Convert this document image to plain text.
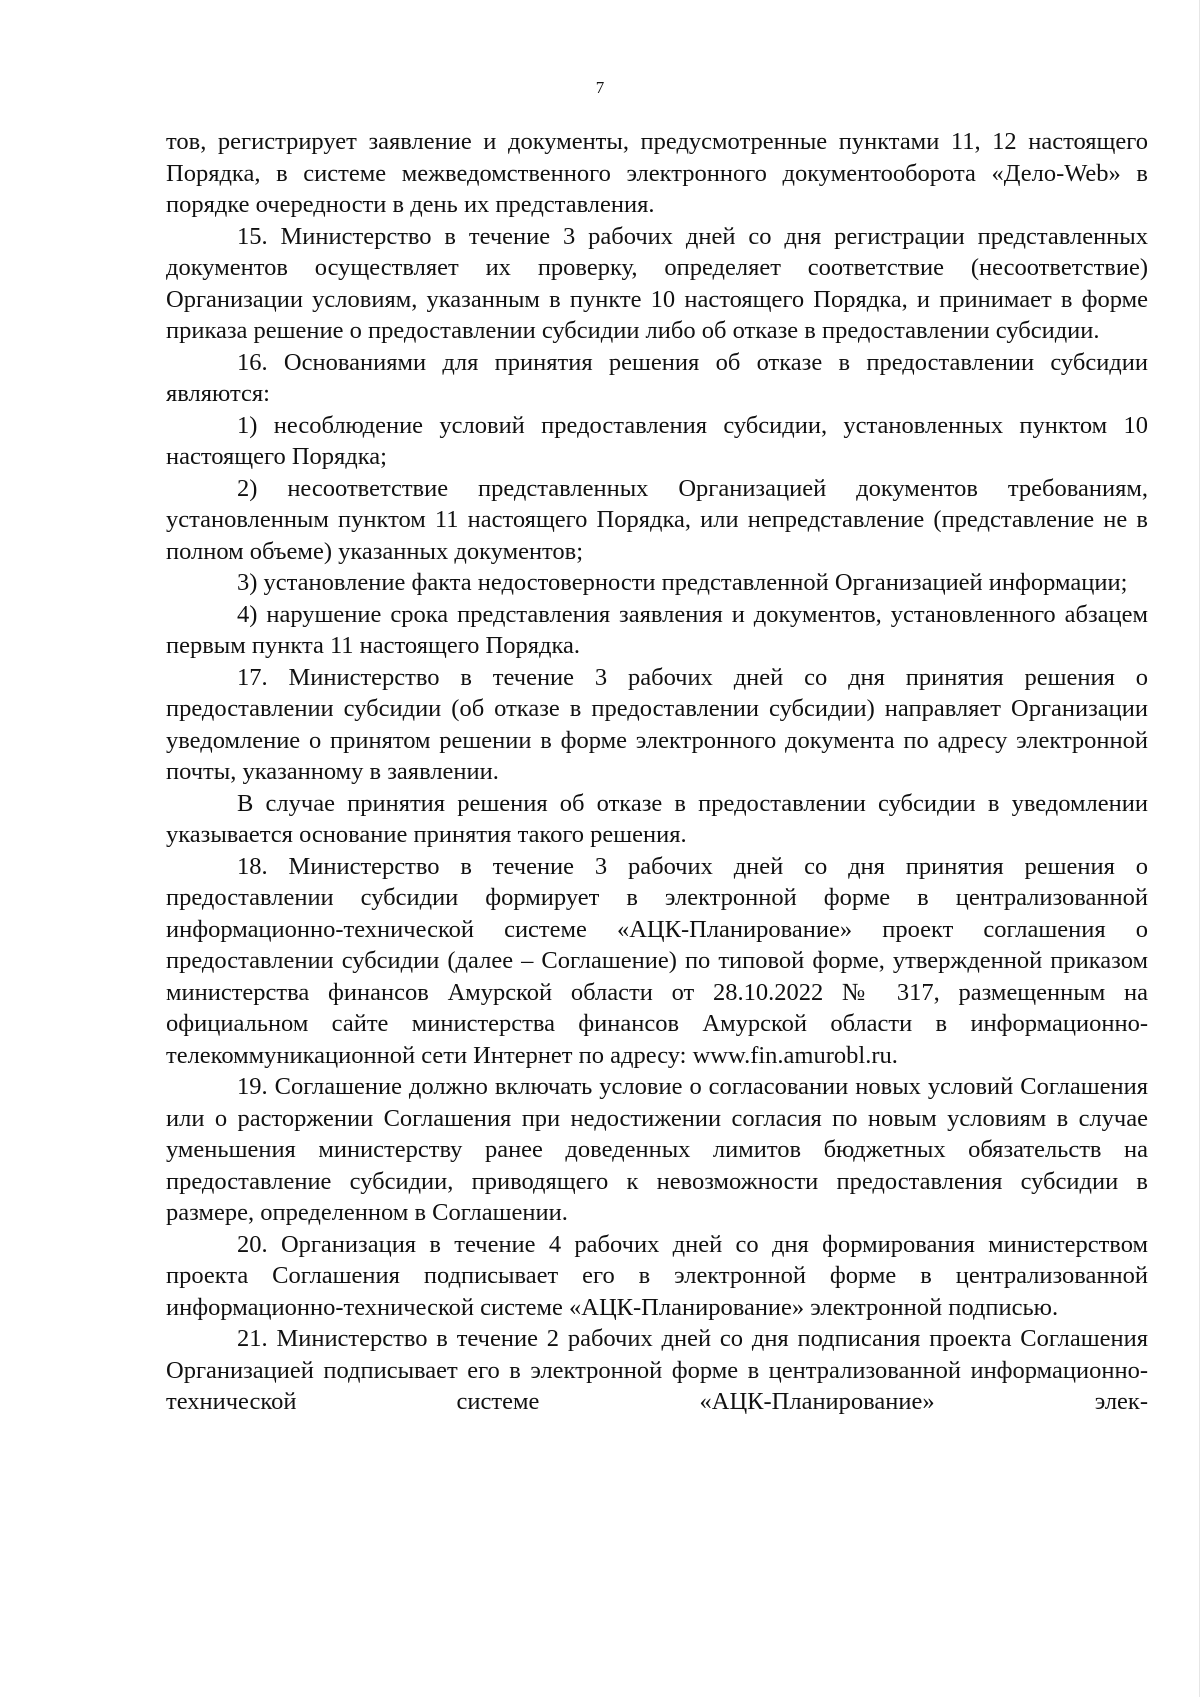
7

тов, регистрирует заявление и документы, предусмотренные пунктами 11, 12 настоящего Порядка, в системе межведомственного электронного документооборота «Дело-Web» в порядке очередности в день их представления.

15. Министерство в течение 3 рабочих дней со дня регистрации представленных документов осуществляет их проверку, определяет соответствие (несоответствие) Организации условиям, указанным в пункте 10 настоящего Порядка, и принимает в форме приказа решение о предоставлении субсидии либо об отказе в предоставлении субсидии.

16. Основаниями для принятия решения об отказе в предоставлении субсидии являются:

1) несоблюдение условий предоставления субсидии, установленных пунктом 10 настоящего Порядка;

2) несоответствие представленных Организацией документов требованиям, установленным пунктом 11 настоящего Порядка, или непредставление (представление не в полном объеме) указанных документов;

3) установление факта недостоверности представленной Организацией информации;

4) нарушение срока представления заявления и документов, установленного абзацем первым пункта 11 настоящего Порядка.

17. Министерство в течение 3 рабочих дней со дня принятия решения о предоставлении субсидии (об отказе в предоставлении субсидии) направляет Организации уведомление о принятом решении в форме электронного документа по адресу электронной почты, указанному в заявлении.

В случае принятия решения об отказе в предоставлении субсидии в уведомлении указывается основание принятия такого решения.

18. Министерство в течение 3 рабочих дней со дня принятия решения о предоставлении субсидии формирует в электронной форме в централизованной информационно-технической системе «АЦК-Планирование» проект соглашения о предоставлении субсидии (далее – Соглашение) по типовой форме, утвержденной приказом министерства финансов Амурской области от 28.10.2022 № 317, размещенным на официальном сайте министерства финансов Амурской области в информационно-телекоммуникационной сети Интернет по адресу: www.fin.amurobl.ru.

19. Соглашение должно включать условие о согласовании новых условий Соглашения или о расторжении Соглашения при недостижении согласия по новым условиям в случае уменьшения министерству ранее доведенных лимитов бюджетных обязательств на предоставление субсидии, приводящего к невозможности предоставления субсидии в размере, определенном в Соглашении.

20. Организация в течение 4 рабочих дней со дня формирования министерством проекта Соглашения подписывает его в электронной форме в централизованной информационно-технической системе «АЦК-Планирование» электронной подписью.

21. Министерство в течение 2 рабочих дней со дня подписания проекта Соглашения Организацией подписывает его в электронной форме в централизованной информационно-технической системе «АЦК-Планирование» элек-
